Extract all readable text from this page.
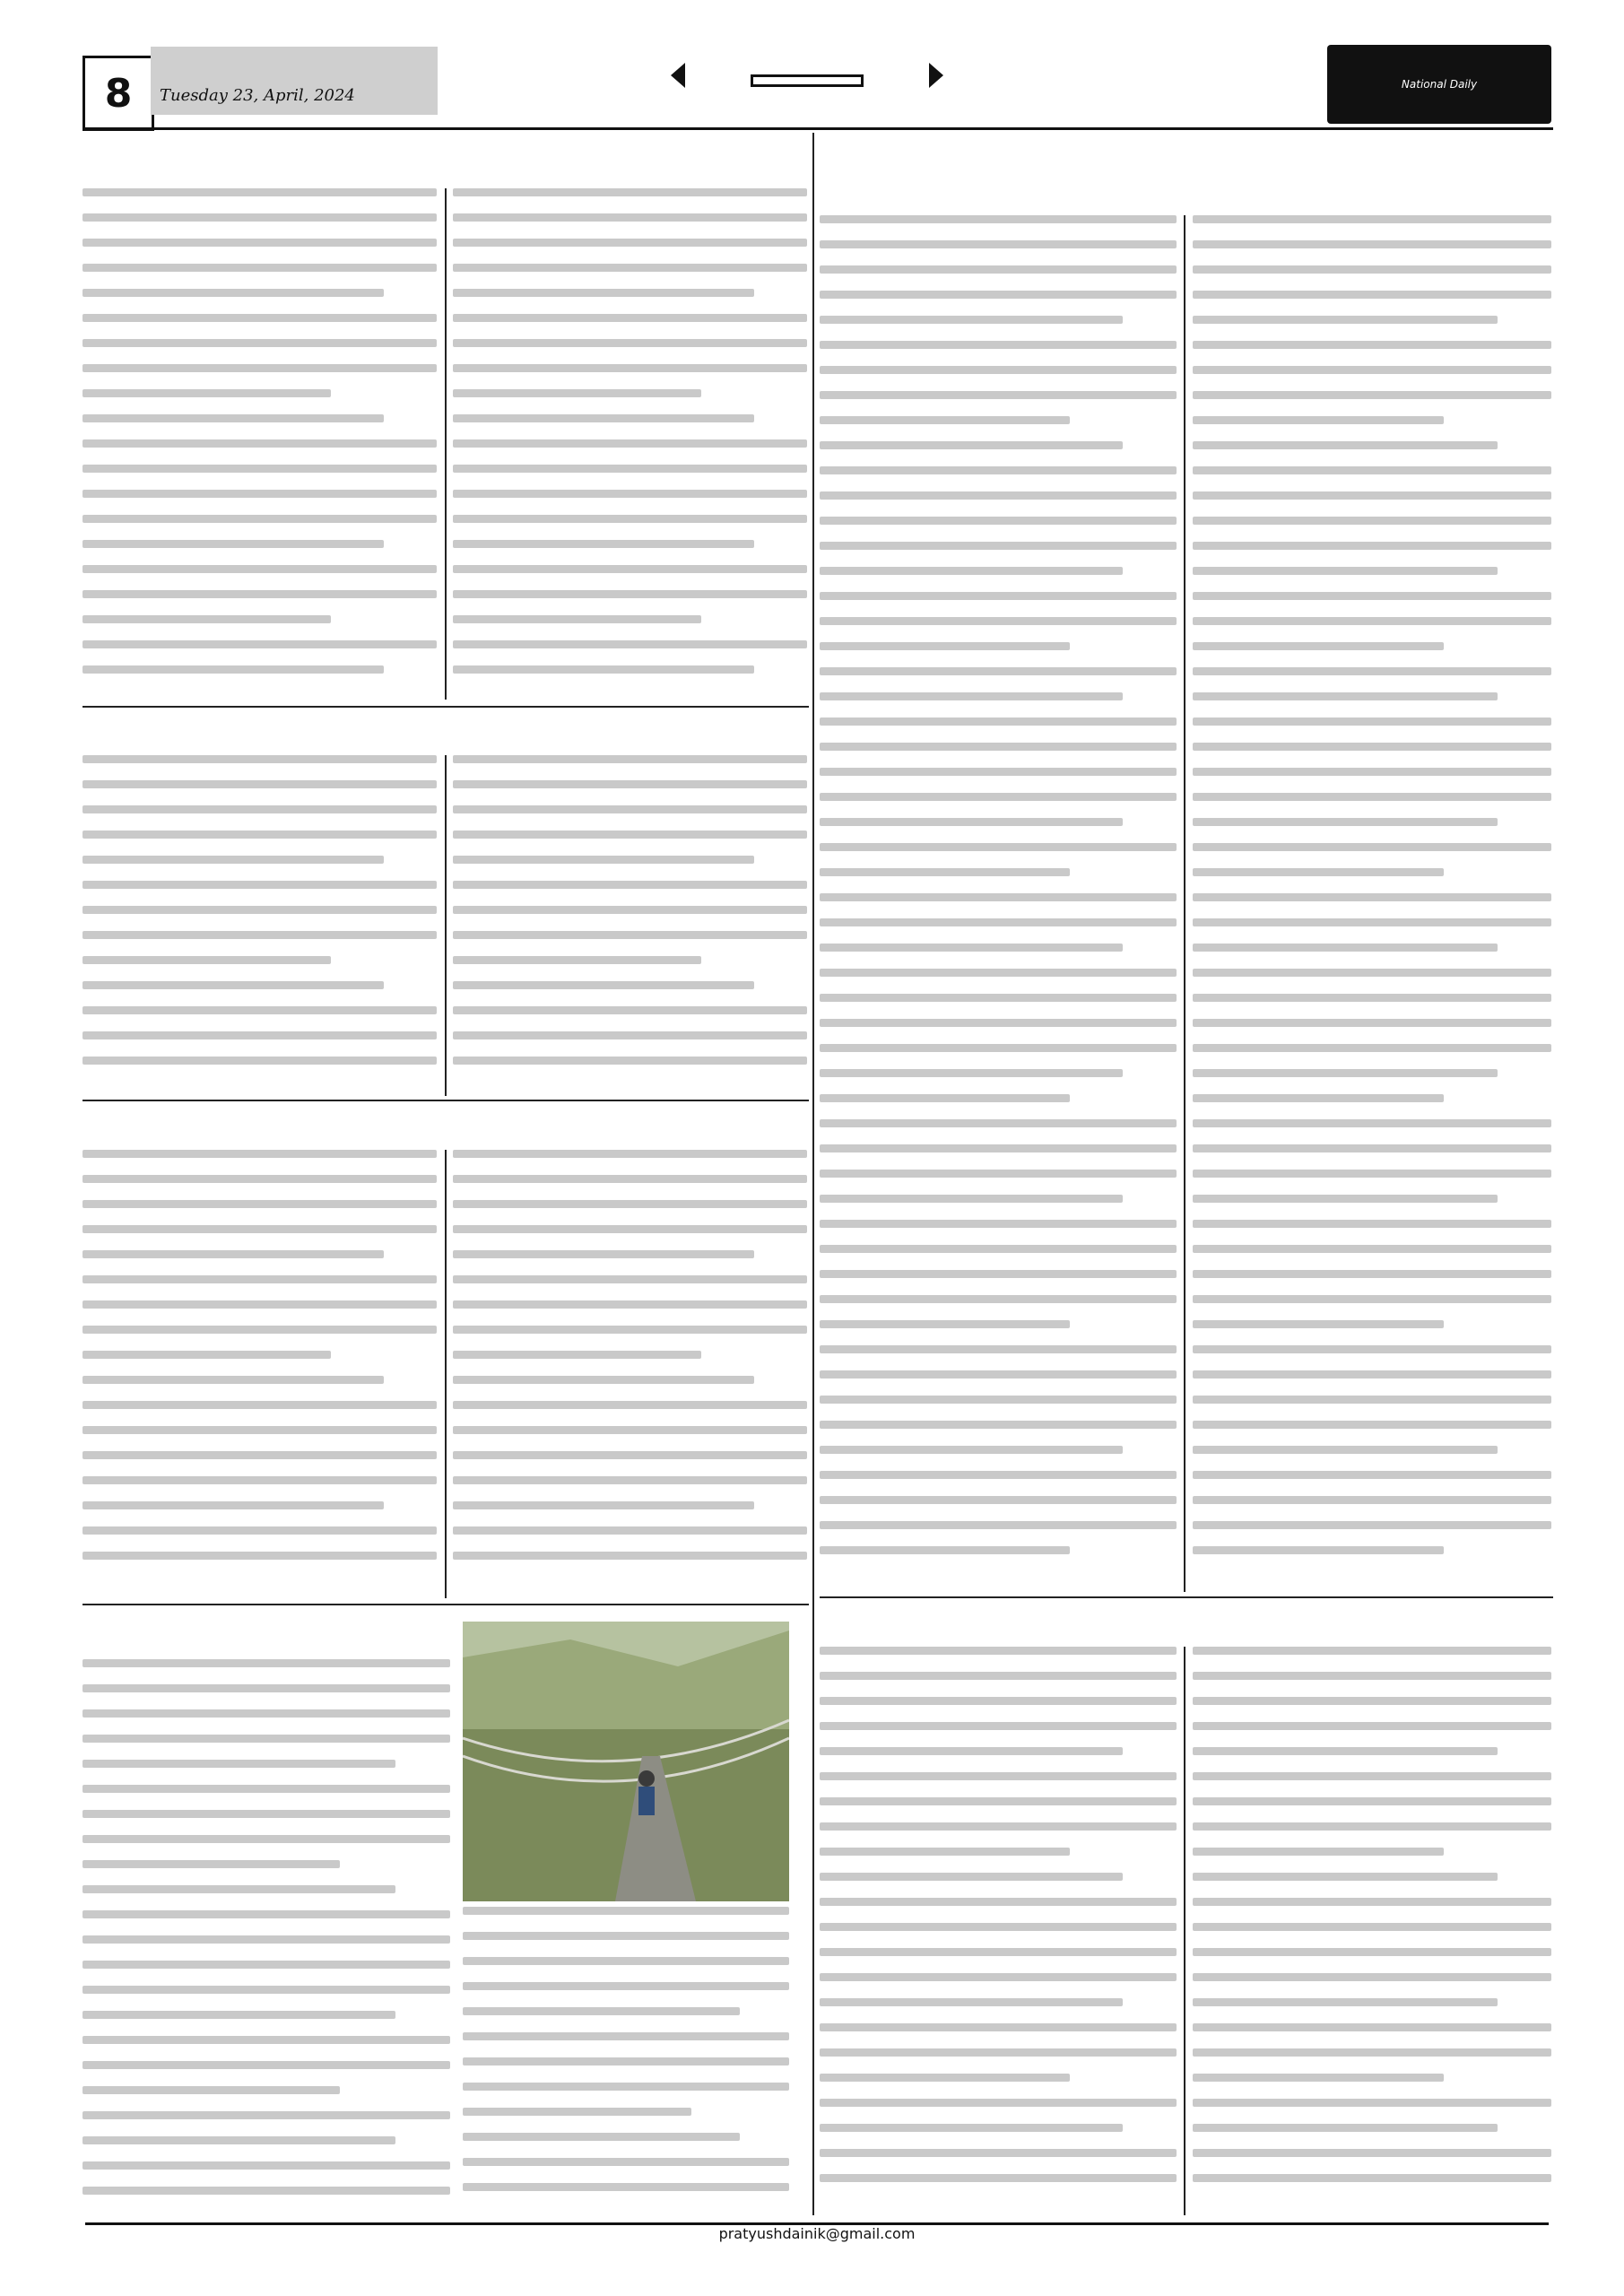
8	Tuesday 23, April, 2024
National Daily
pratyushdainik@gmail.com
